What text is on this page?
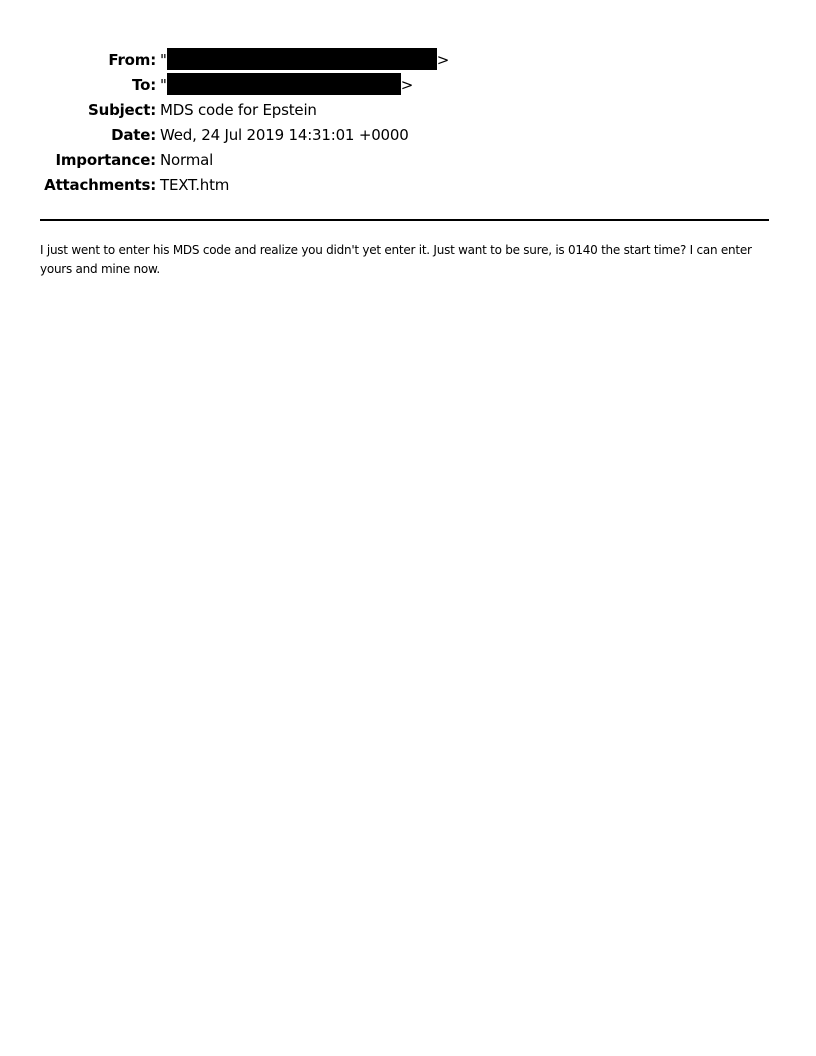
From: "	>
To: "	>
Subject: MDS code for Epstein
Date: Wed, 24 Jul 2019 14:31:01 +0000
Importance: Normal
Attachments: TEXT.htm
I just went to enter his MDS code and realize you didn't yet enter it. Just want to be sure, is 0140 the start time? I can enter yours and mine now.
